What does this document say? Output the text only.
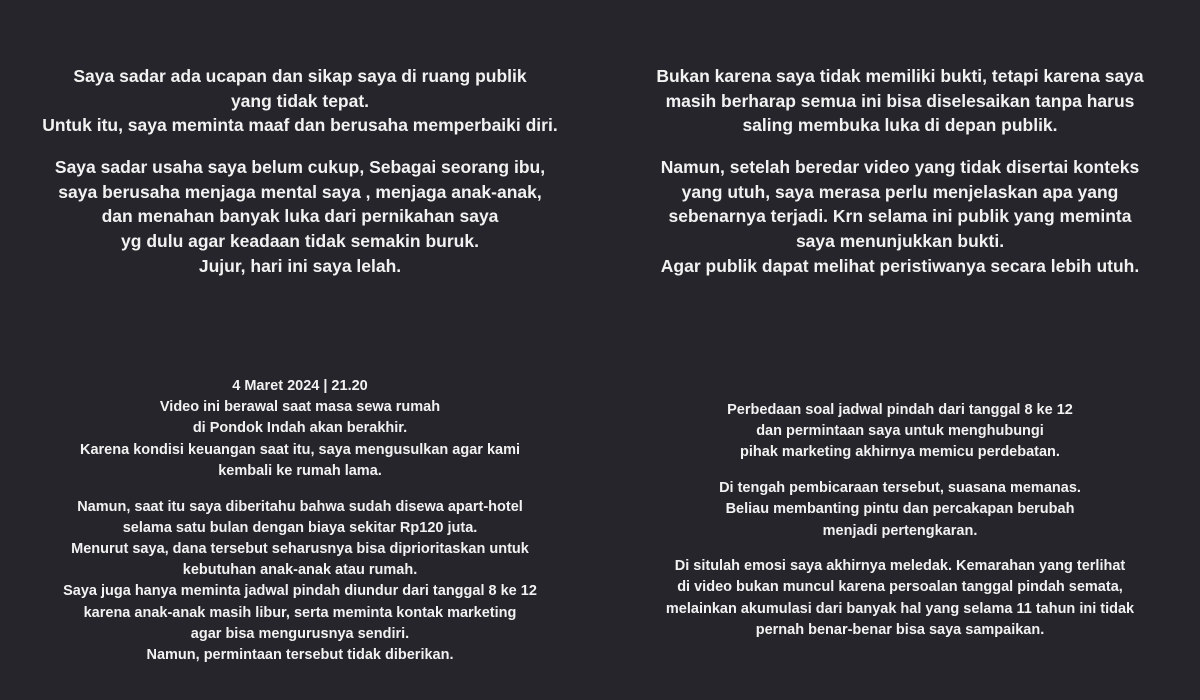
Saya sadar ada ucapan dan sikap saya di ruang publik
yang tidak tepat.
Untuk itu, saya meminta maaf dan berusaha memperbaiki diri.
Saya sadar usaha saya belum cukup, Sebagai seorang ibu,
saya berusaha menjaga mental saya , menjaga anak-anak,
dan menahan banyak luka dari pernikahan saya
yg dulu agar keadaan tidak semakin buruk.
Jujur, hari ini saya lelah.
Bukan karena saya tidak memiliki bukti, tetapi karena saya
masih berharap semua ini bisa diselesaikan tanpa harus
saling membuka luka di depan publik.
Namun, setelah beredar video yang tidak disertai konteks
yang utuh, saya merasa perlu menjelaskan apa yang
sebenarnya terjadi. Krn selama ini publik yang meminta
saya menunjukkan bukti.
Agar publik dapat melihat peristiwanya secara lebih utuh.
4 Maret 2024 | 21.20
Video ini berawal saat masa sewa rumah
di Pondok Indah akan berakhir.
Karena kondisi keuangan saat itu, saya mengusulkan agar kami
kembali ke rumah lama.
Namun, saat itu saya diberitahu bahwa sudah disewa apart-hotel
selama satu bulan dengan biaya sekitar Rp120 juta.
Menurut saya, dana tersebut seharusnya bisa diprioritaskan untuk
kebutuhan anak-anak atau rumah.
Saya juga hanya meminta jadwal pindah diundur dari tanggal 8 ke 12
karena anak-anak masih libur, serta meminta kontak marketing
agar bisa mengurusnya sendiri.
Namun, permintaan tersebut tidak diberikan.
Perbedaan soal jadwal pindah dari tanggal 8 ke 12
dan permintaan saya untuk menghubungi
pihak marketing akhirnya memicu perdebatan.
Di tengah pembicaraan tersebut, suasana memanas.
Beliau membanting pintu dan percakapan berubah
menjadi pertengkaran.
Di situlah emosi saya akhirnya meledak. Kemarahan yang terlihat
di video bukan muncul karena persoalan tanggal pindah semata,
melainkan akumulasi dari banyak hal yang selama 11 tahun ini tidak
pernah benar-benar bisa saya sampaikan.
